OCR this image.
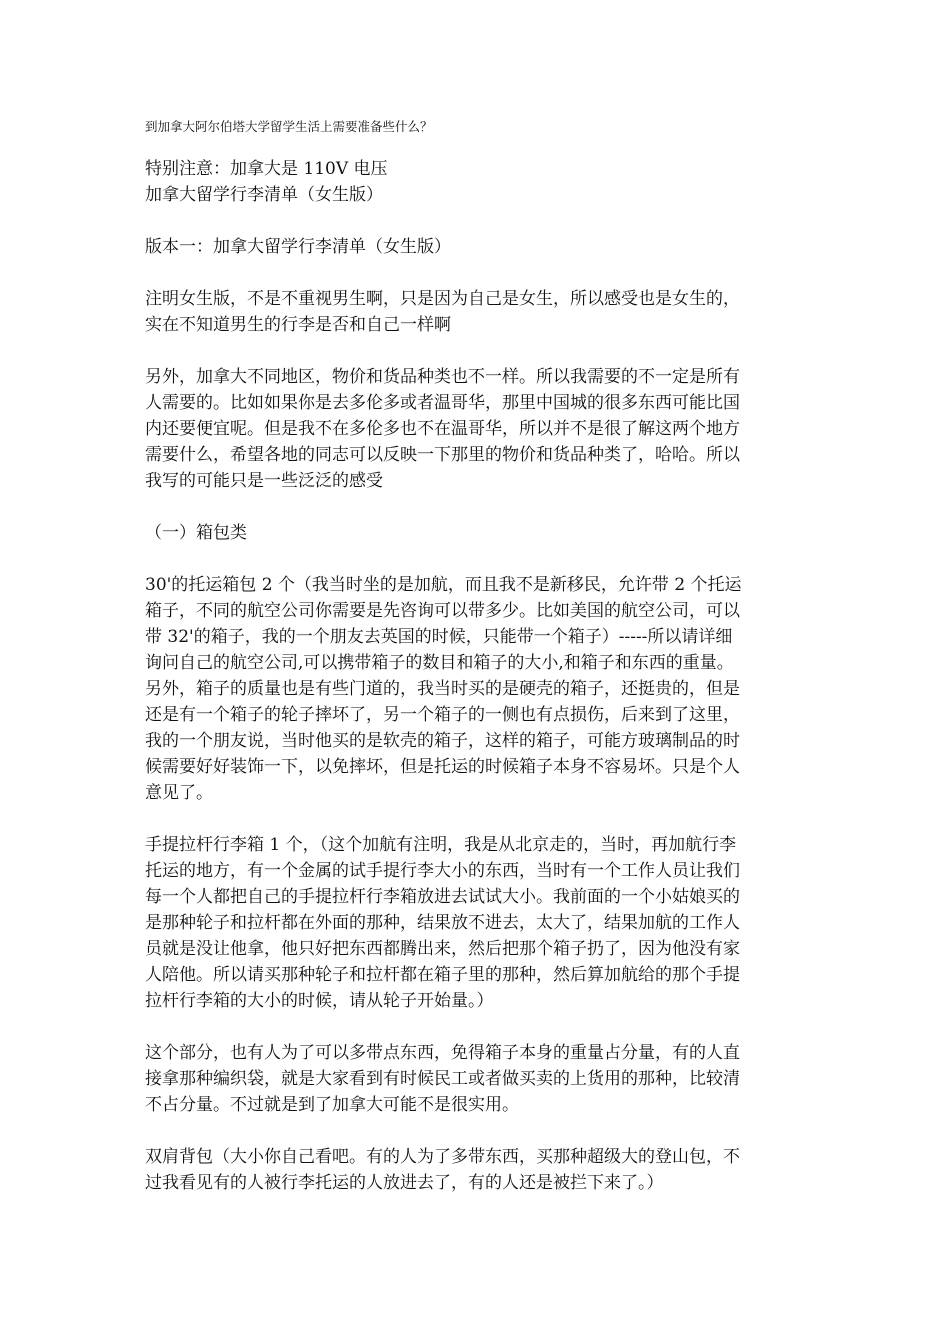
到加拿大阿尔伯塔大学留学生活上需要准备些什么？

特别注意：加拿大是 110V 电压

加拿大留学行李清单（女生版）

版本一：加拿大留学行李清单（女生版）

注明女生版，不是不重视男生啊，只是因为自己是女生，所以感受也是女生的，

实在不知道男生的行李是否和自己一样啊

另外，加拿大不同地区，物价和货品种类也不一样。所以我需要的不一定是所有

人需要的。比如如果你是去多伦多或者温哥华，那里中国城的很多东西可能比国

内还要便宜呢。但是我不在多伦多也不在温哥华，所以并不是很了解这两个地方

需要什么，希望各地的同志可以反映一下那里的物价和货品种类了，哈哈。所以

我写的可能只是一些泛泛的感受

（一）箱包类

30'的托运箱包 2 个（我当时坐的是加航，而且我不是新移民，允许带 2 个托运

箱子，不同的航空公司你需要是先咨询可以带多少。比如美国的航空公司，可以

带 32'的箱子，我的一个朋友去英国的时候，只能带一个箱子）-----所以请详细

询问自己的航空公司,可以携带箱子的数目和箱子的大小,和箱子和东西的重量。

另外，箱子的质量也是有些门道的，我当时买的是硬壳的箱子，还挺贵的，但是

还是有一个箱子的轮子摔坏了，另一个箱子的一侧也有点损伤，后来到了这里，

我的一个朋友说，当时他买的是软壳的箱子，这样的箱子，可能方玻璃制品的时

候需要好好装饰一下，以免摔坏，但是托运的时候箱子本身不容易坏。只是个人

意见了。

手提拉杆行李箱 1 个，（这个加航有注明，我是从北京走的，当时，再加航行李

托运的地方，有一个金属的试手提行李大小的东西，当时有一个工作人员让我们

每一个人都把自己的手提拉杆行李箱放进去试试大小。我前面的一个小姑娘买的

是那种轮子和拉杆都在外面的那种，结果放不进去，太大了，结果加航的工作人

员就是没让他拿，他只好把东西都腾出来，然后把那个箱子扔了，因为他没有家

人陪他。所以请买那种轮子和拉杆都在箱子里的那种，然后算加航给的那个手提

拉杆行李箱的大小的时候，请从轮子开始量。）

这个部分，也有人为了可以多带点东西，免得箱子本身的重量占分量，有的人直

接拿那种编织袋，就是大家看到有时候民工或者做买卖的上货用的那种，比较清

不占分量。不过就是到了加拿大可能不是很实用。

双肩背包（大小你自己看吧。有的人为了多带东西，买那种超级大的登山包，不

过我看见有的人被行李托运的人放进去了，有的人还是被拦下来了。）
